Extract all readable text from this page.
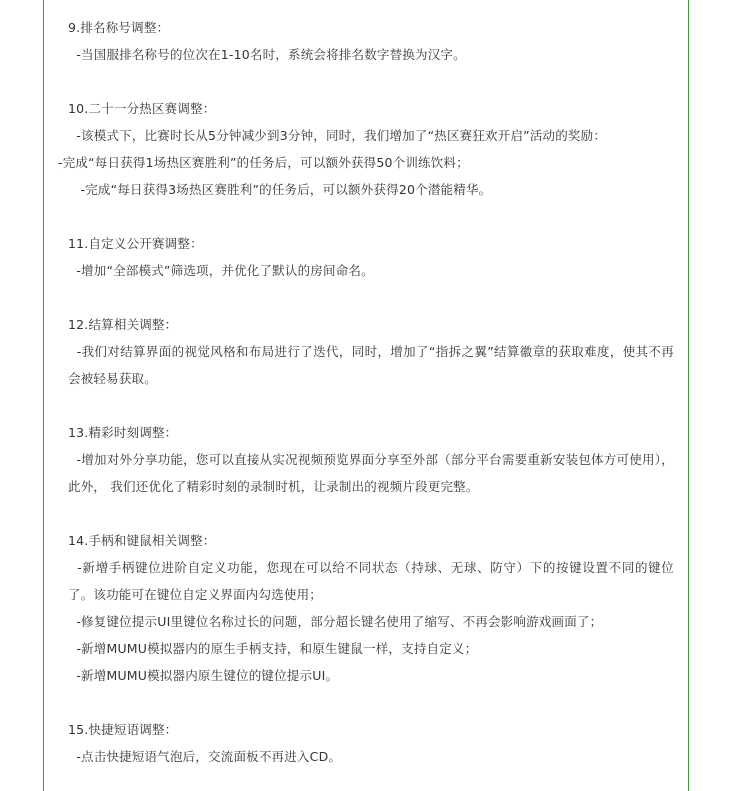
9.排名称号调整：
-当国服排名称号的位次在1-10名时，系统会将排名数字替换为汉字。
10.二十一分热区赛调整：
-该模式下，比赛时长从5分钟减少到3分钟，同时，我们增加了“热区赛狂欢开启”活动的奖励：
-完成“每日获得1场热区赛胜利”的任务后，可以额外获得50个训练饮料；
-完成“每日获得3场热区赛胜利”的任务后，可以额外获得20个潜能精华。
11.自定义公开赛调整：
-增加“全部模式”筛选项，并优化了默认的房间命名。
12.结算相关调整：
-我们对结算界面的视觉风格和布局进行了迭代，同时，增加了“指拆之翼”结算徽章的获取难度，使其不再会被轻易获取。
13.精彩时刻调整：
-增加对外分享功能，您可以直接从实况视频预览界面分享至外部（部分平台需要重新安装包体方可使用），此外， 我们还优化了精彩时刻的录制时机，让录制出的视频片段更完整。
14.手柄和键鼠相关调整：
-新增手柄键位进阶自定义功能，您现在可以给不同状态（持球、无球、防守）下的按键设置不同的键位了。该功能可在键位自定义界面内勾选使用；
-修复键位提示UI里键位名称过长的问题，部分超长键名使用了缩写、不再会影响游戏画面了；
-新增MUMU模拟器内的原生手柄支持，和原生键鼠一样，支持自定义；
-新增MUMU模拟器内原生键位的键位提示UI。
15.快捷短语调整：
-点击快捷短语气泡后，交流面板不再进入CD。
